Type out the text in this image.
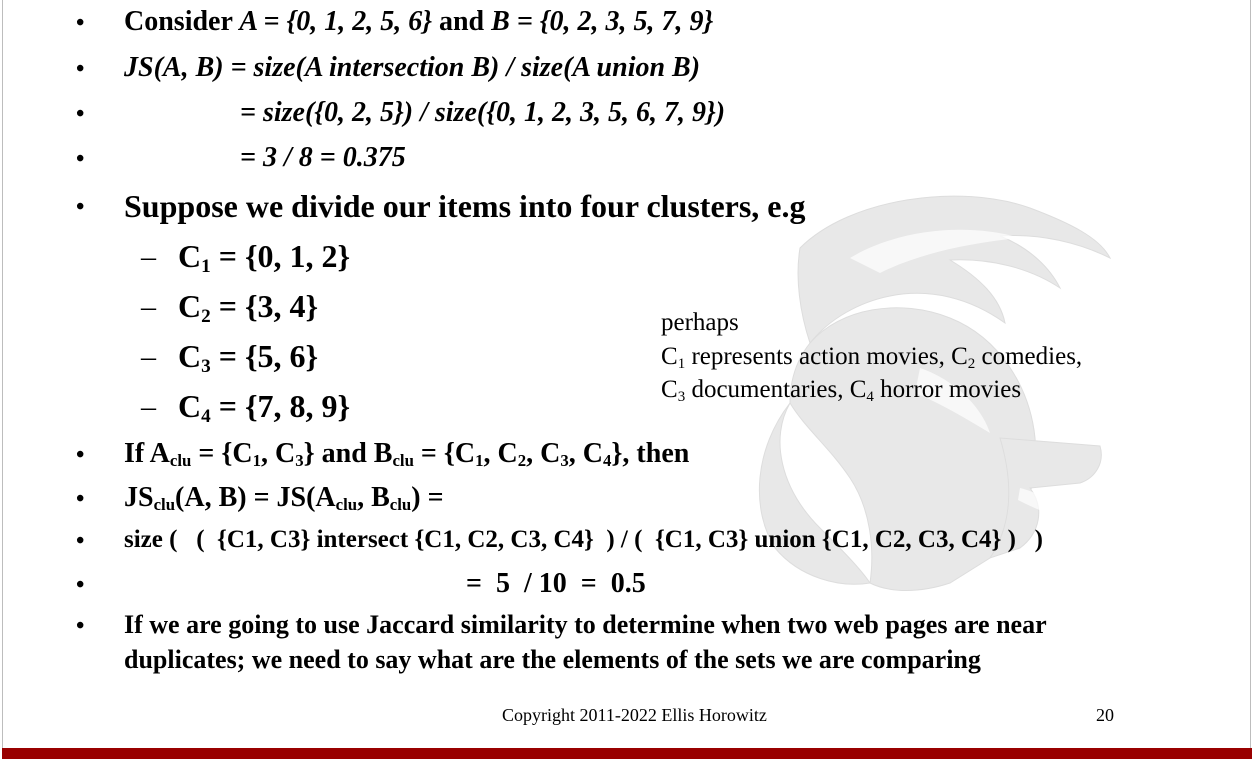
• Consider A = {0, 1, 2, 5, 6} and B = {0, 2, 3, 5, 7, 9}
• JS(A, B) = size(A intersection B) / size(A union B)
•	= size({0, 2, 5}) / size({0, 1, 2, 3, 5, 6, 7, 9})
•	= 3 / 8 = 0.375
• Suppose we divide our items into four clusters, e.g
– $C_1 = \{0$, 1, 2}
– $C_2 = \{3$, 4}
– $C_3 = \{5$, 6}
– $C_4 = \{7$, 8, 9}
perhaps
$C_1$ represents action movies, $C_2$ comedies,
$C_3$ documentaries, $C_4$ horror movies
• If $A_{clu} = \{C_1$, $C_3$} and $B_{clu} = \{C_1$, $C_2$, $C_3$, $C_4$}, then
• $JS_{clu}(A$, $B) = JS(A_{clu}$, $B_{clu}$) =
• size (   (  {C1, C3} intersect {C1, C2, C3, C4}  ) / (  {C1, C3} union {C1, C2, C3, C4} )   )
•	=  5  / 10  =  0.5
• If we are going to use Jaccard similarity to determine when two web pages are near
duplicates; we need to say what are the elements of the sets we are comparing
Copyright 2011-2022 Ellis Horowitz	20
